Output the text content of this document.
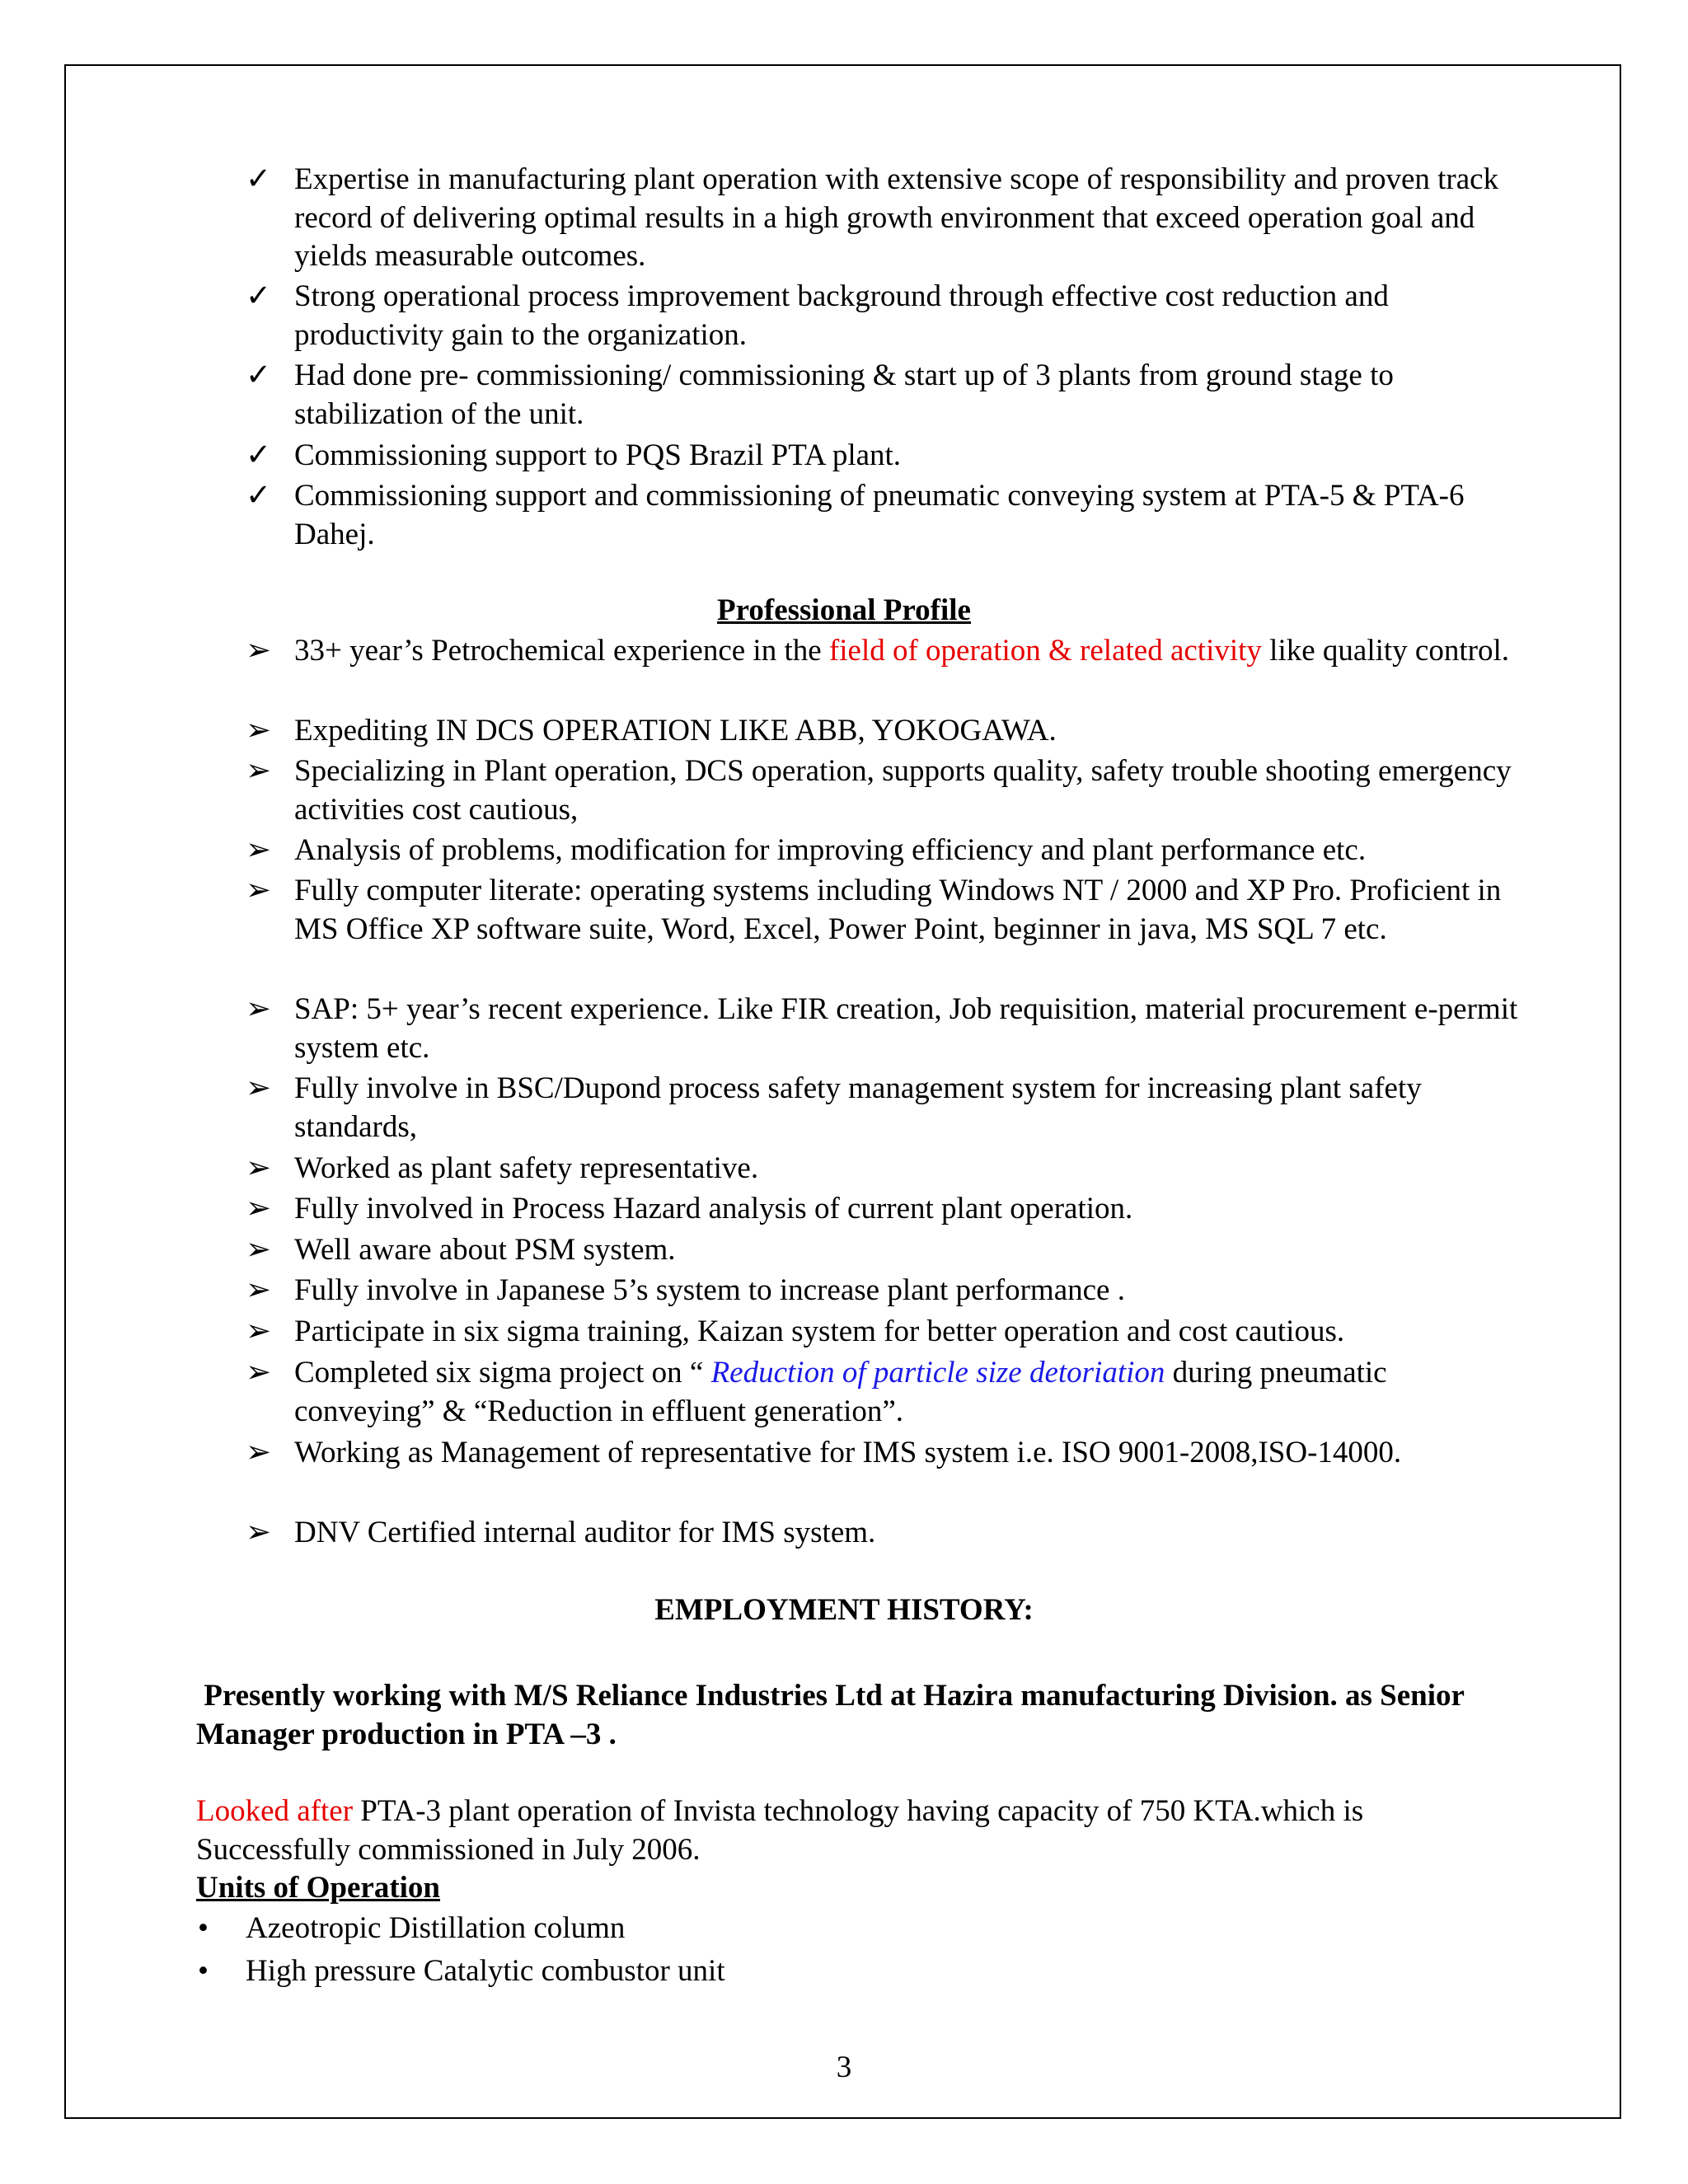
✓ Expertise in manufacturing plant operation with extensive scope of responsibility and proven track record of delivering optimal results in a high growth environment that exceed operation goal and yields measurable outcomes.
✓ Strong operational process improvement background through effective cost reduction and productivity gain to the organization.
✓ Had done pre- commissioning/ commissioning & start up of 3 plants from ground stage to stabilization of the unit.
✓ Commissioning support to PQS Brazil PTA plant.
✓ Commissioning support and commissioning of pneumatic conveying system at PTA-5 & PTA-6 Dahej.
Professional Profile
➢ 33+ year’s Petrochemical experience in the field of operation & related activity like quality control.
➢ Expediting IN DCS OPERATION LIKE ABB, YOKOGAWA.
➢ Specializing in Plant operation, DCS operation, supports quality, safety trouble shooting emergency activities cost cautious,
➢ Analysis of problems, modification for improving efficiency and plant performance etc.
➢ Fully computer literate: operating systems including Windows NT / 2000 and XP Pro. Proficient in MS Office XP software suite, Word, Excel, Power Point, beginner in java, MS SQL 7 etc.
➢ SAP: 5+ year’s recent experience. Like FIR creation, Job requisition, material procurement e-permit system etc.
➢ Fully involve in BSC/Dupond process safety management system for increasing plant safety standards,
➢ Worked as plant safety representative.
➢ Fully involved in Process Hazard analysis of current plant operation.
➢ Well aware about PSM system.
➢ Fully involve in Japanese 5’s system to increase plant performance .
➢ Participate in six sigma training, Kaizan system for better operation and cost cautious.
➢ Completed six sigma project on “ Reduction of particle size detoriation during pneumatic conveying” & “Reduction in effluent generation”.
➢ Working as Management of representative for IMS system i.e. ISO 9001-2008,ISO-14000.
➢ DNV Certified internal auditor for IMS system.
EMPLOYMENT HISTORY:
Presently working with M/S Reliance Industries Ltd at Hazira manufacturing Division. as Senior Manager production in PTA –3 .
Looked after PTA-3 plant operation of Invista technology having capacity of 750 KTA.which is Successfully commissioned in July 2006.
Units of Operation
• Azeotropic Distillation column
• High pressure Catalytic combustor unit
3
